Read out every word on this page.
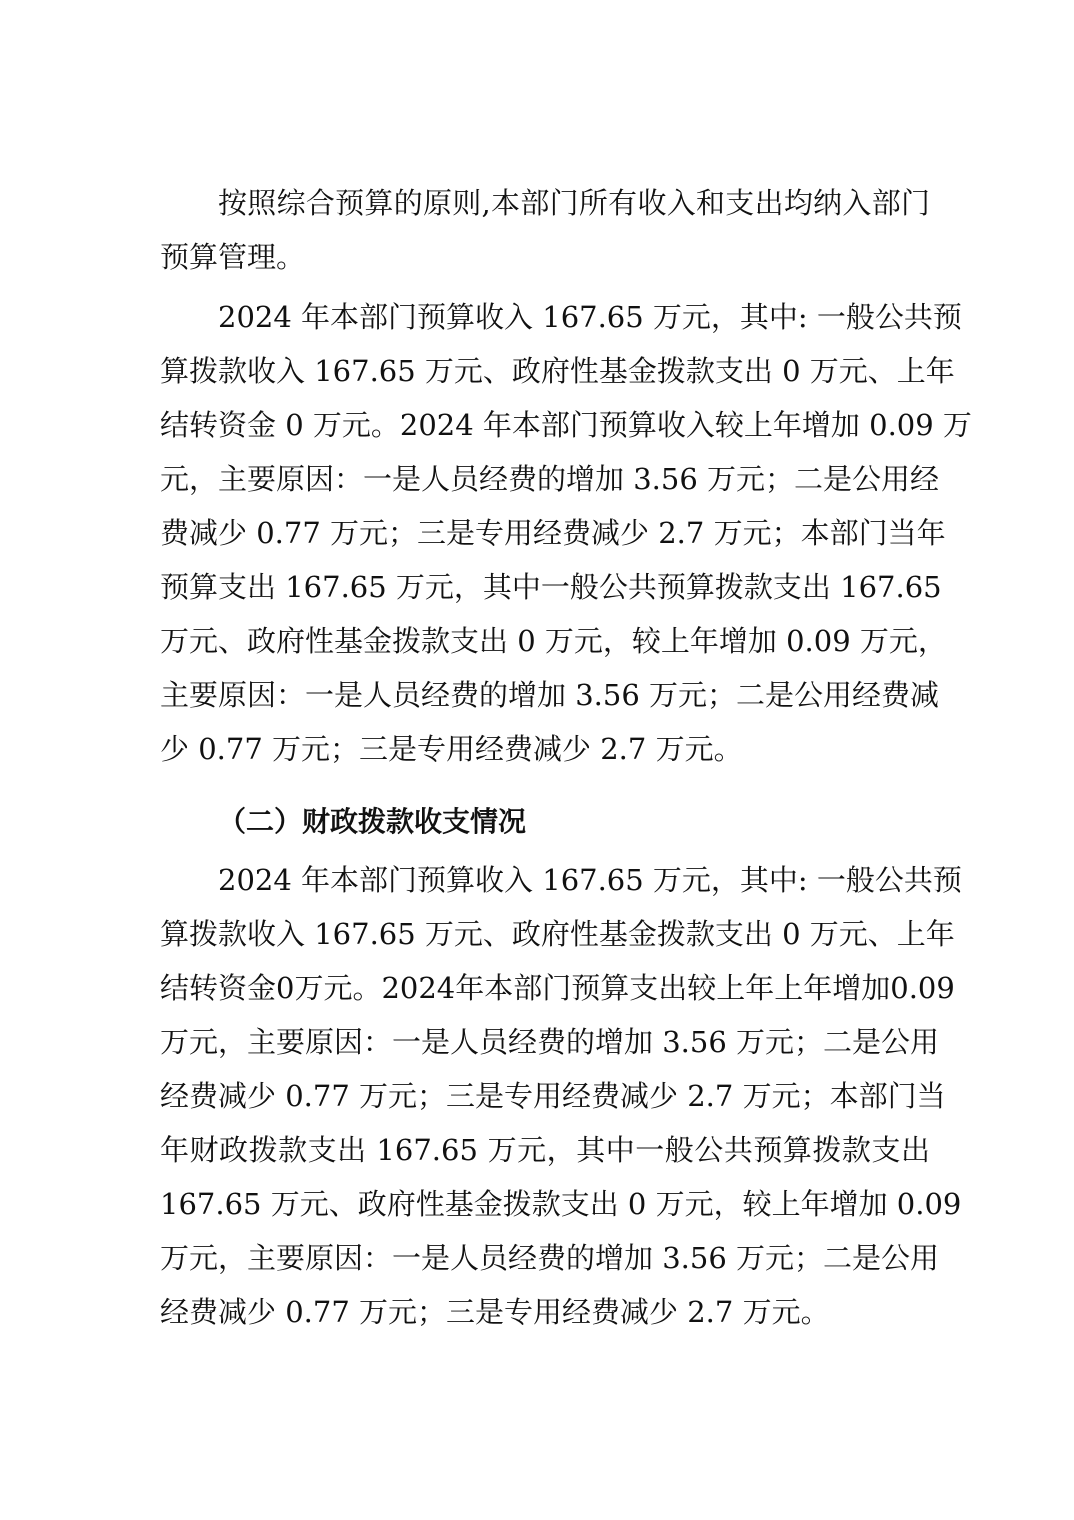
按照综合预算的原则,本部门所有收入和支出均纳入部门
预算管理。
2024 年本部门预算收入 167.65 万元，其中: 一般公共预
算拨款收入 167.65 万元、政府性基金拨款支出 0 万元、上年
结转资金 0 万元。2024 年本部门预算收入较上年增加 0.09 万
元，主要原因：一是人员经费的增加 3.56 万元；二是公用经
费减少 0.77 万元；三是专用经费减少 2.7 万元；本部门当年
预算支出 167.65 万元，其中一般公共预算拨款支出 167.65
万元、政府性基金拨款支出 0 万元，较上年增加 0.09 万元，
主要原因：一是人员经费的增加 3.56 万元；二是公用经费减
少 0.77 万元；三是专用经费减少 2.7 万元。
（二）财政拨款收支情况
2024 年本部门预算收入 167.65 万元，其中: 一般公共预
算拨款收入 167.65 万元、政府性基金拨款支出 0 万元、上年
结转资金0万元。2024年本部门预算支出较上年上年增加0.09
万元，主要原因：一是人员经费的增加 3.56 万元；二是公用
经费减少 0.77 万元；三是专用经费减少 2.7 万元；本部门当
年财政拨款支出 167.65 万元，其中一般公共预算拨款支出
167.65 万元、政府性基金拨款支出 0 万元，较上年增加 0.09
万元，主要原因：一是人员经费的增加 3.56 万元；二是公用
经费减少 0.77 万元；三是专用经费减少 2.7 万元。
